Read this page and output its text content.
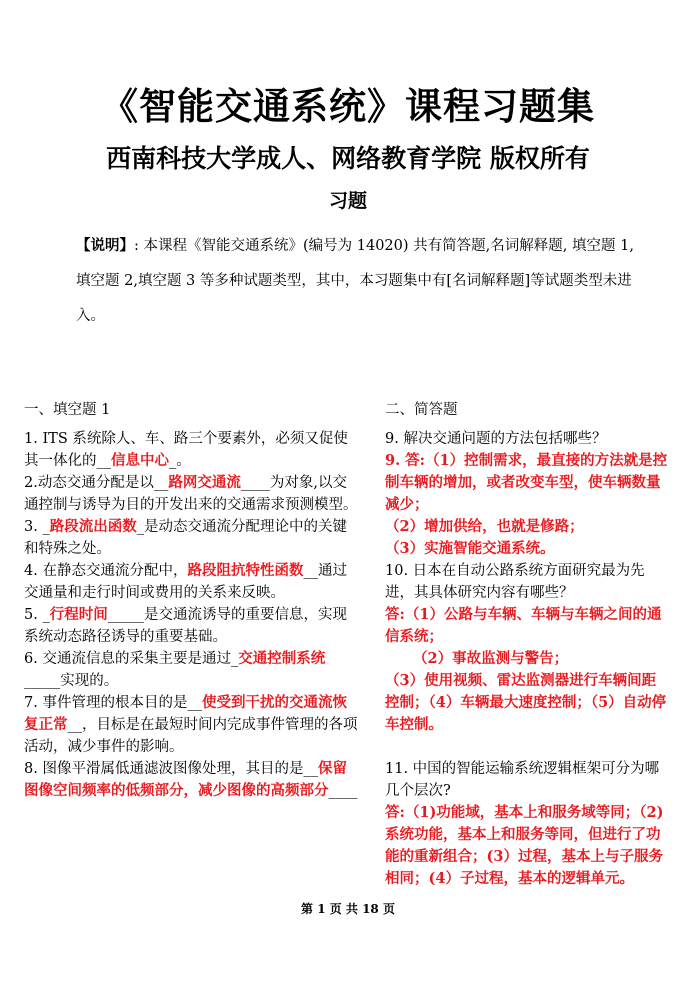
《智能交通系统》课程习题集
西南科技大学成人、网络教育学院 版权所有
习题
【说明】: 本课程《智能交通系统》(编号为 14020) 共有简答题,名词解释题, 填空题 1,填空题 2,填空题 3 等多种试题类型，其中，本习题集中有[名词解释题]等试题类型未进入。
一、填空题 1

1. ITS 系统除人、车、路三个要素外，必须又促使其一体化的__信息中心_。

2.动态交通分配是以__路网交通流____为对象,以交通控制与诱导为目的开发出来的交通需求预测模型。

3. _路段流出函数_是动态交通流分配理论中的关键和特殊之处。

4. 在静态交通流分配中，路段阻抗特性函数__通过交通量和走行时间或费用的关系来反映。

5. _行程时间_____是交通流诱导的重要信息，实现系统动态路径诱导的重要基础。

6. 交通流信息的采集主要是通过_交通控制系统_____实现的。

7. 事件管理的根本目的是__使受到干扰的交通流恢复正常__，目标是在最短时间内完成事件管理的各项活动，减少事件的影响。

8. 图像平滑属低通滤波图像处理，其目的是__保留图像空间频率的低频部分，减少图像的高频部分____

二、简答题

9. 解决交通问题的方法包括哪些？

9. 答:（1）控制需求，最直接的方法就是控制车辆的增加，或者改变车型，使车辆数量减少；

（2）增加供给，也就是修路；

（3）实施智能交通系统。

10. 日本在自动公路系统方面研究最为先进，其具体研究内容有哪些？

答:（1）公路与车辆、车辆与车辆之间的通信系统；

（2）事故监测与警告；

（3）使用视频、雷达监测器进行车辆间距控制；（4）车辆最大速度控制；（5）自动停车控制。

11. 中国的智能运输系统逻辑框架可分为哪几个层次?

答:（1)功能域，基本上和服务域等同；（2)系统功能，基本上和服务等同，但进行了功能的重新组合；(3）过程，基本上与子服务相同；(4）子过程，基本的逻辑单元。

第 1 页 共 18 页
